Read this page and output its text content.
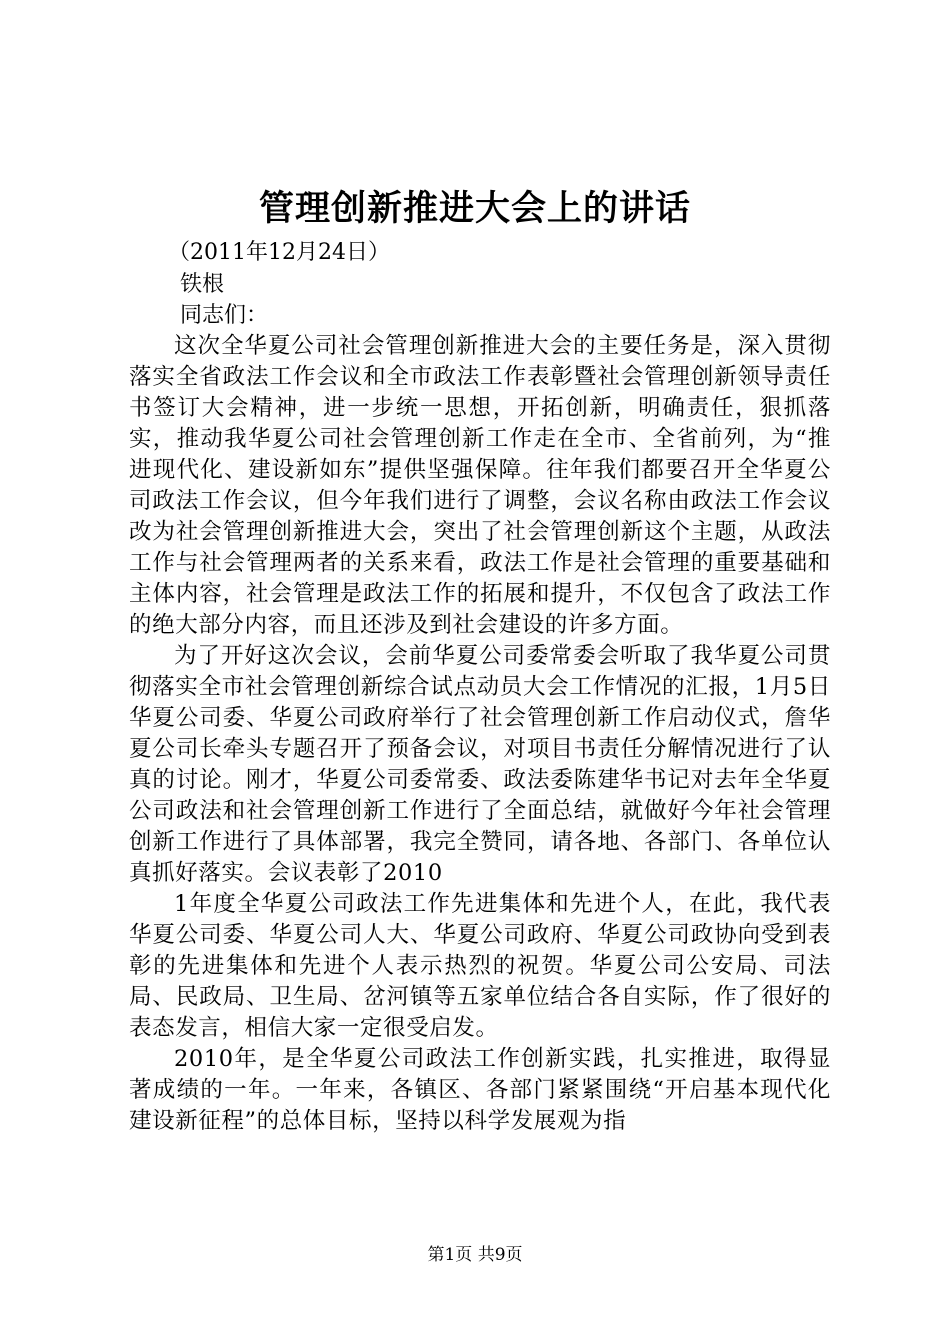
管理创新推进大会上的讲话
（2011年12月24日）
铁根
同志们：

这次全华夏公司社会管理创新推进大会的主要任务是，深入贯彻落实全省政法工作会议和全市政法工作表彰暨社会管理创新领导责任书签订大会精神，进一步统一思想，开拓创新，明确责任，狠抓落实，推动我华夏公司社会管理创新工作走在全市、全省前列，为“推进现代化、建设新如东”提供坚强保障。往年我们都要召开全华夏公司政法工作会议，但今年我们进行了调整，会议名称由政法工作会议改为社会管理创新推进大会，突出了社会管理创新这个主题，从政法工作与社会管理两者的关系来看，政法工作是社会管理的重要基础和主体内容，社会管理是政法工作的拓展和提升，不仅包含了政法工作的绝大部分内容，而且还涉及到社会建设的许多方面。

为了开好这次会议，会前华夏公司委常委会听取了我华夏公司贯彻落实全市社会管理创新综合试点动员大会工作情况的汇报，1月5日华夏公司委、华夏公司政府举行了社会管理创新工作启动仪式，詹华夏公司长牵头专题召开了预备会议，对项目书责任分解情况进行了认真的讨论。刚才，华夏公司委常委、政法委陈建华书记对去年全华夏公司政法和社会管理创新工作进行了全面总结，就做好今年社会管理创新工作进行了具体部署，我完全赞同，请各地、各部门、各单位认真抓好落实。会议表彰了2010

1年度全华夏公司政法工作先进集体和先进个人，在此，我代表华夏公司委、华夏公司人大、华夏公司政府、华夏公司政协向受到表彰的先进集体和先进个人表示热烈的祝贺。华夏公司公安局、司法局、民政局、卫生局、岔河镇等五家单位结合各自实际，作了很好的表态发言，相信大家一定很受启发。

2010年，是全华夏公司政法工作创新实践，扎实推进，取得显著成绩的一年。一年来，各镇区、各部门紧紧围绕“开启基本现代化建设新征程”的总体目标，坚持以科学发展观为指

第1页 共9页
